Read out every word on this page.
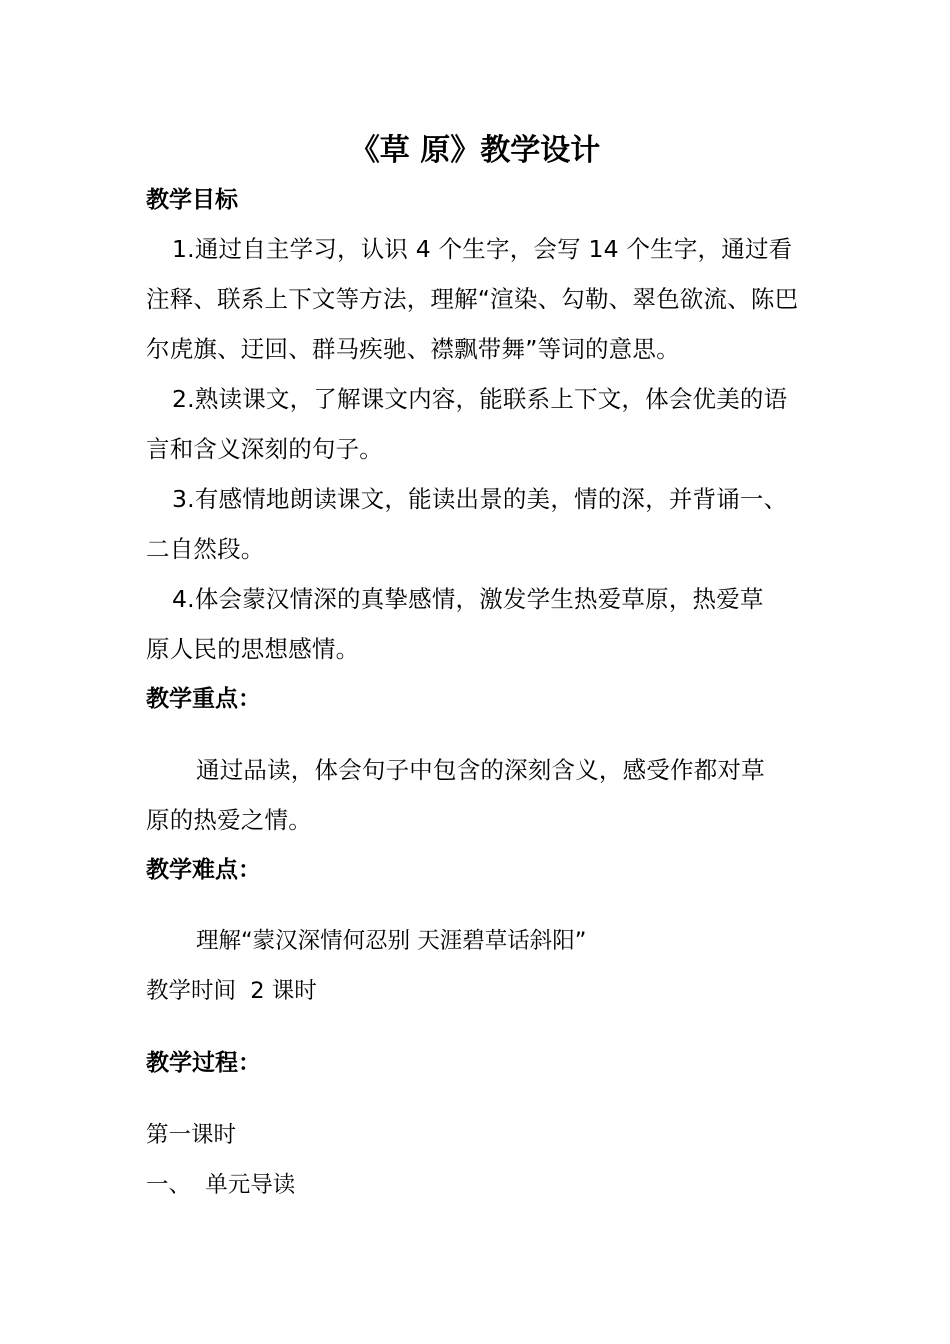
《草 原》教学设计
教学目标
1.通过自主学习，认识 4 个生字，会写 14 个生字，通过看
注释、联系上下文等方法，理解“渲染、勾勒、翠色欲流、陈巴
尔虎旗、迂回、群马疾驰、襟飘带舞”等词的意思。
2.熟读课文，了解课文内容，能联系上下文，体会优美的语
言和含义深刻的句子。
3.有感情地朗读课文，能读出景的美，情的深，并背诵一、
二自然段。
4.体会蒙汉情深的真挚感情，激发学生热爱草原，热爱草
原人民的思想感情。
教学重点：
通过品读，体会句子中包含的深刻含义，感受作都对草
原的热爱之情。
教学难点：
理解“蒙汉深情何忍别 天涯碧草话斜阳”
教学时间  2 课时
教学过程：
第一课时
一、  单元导读
